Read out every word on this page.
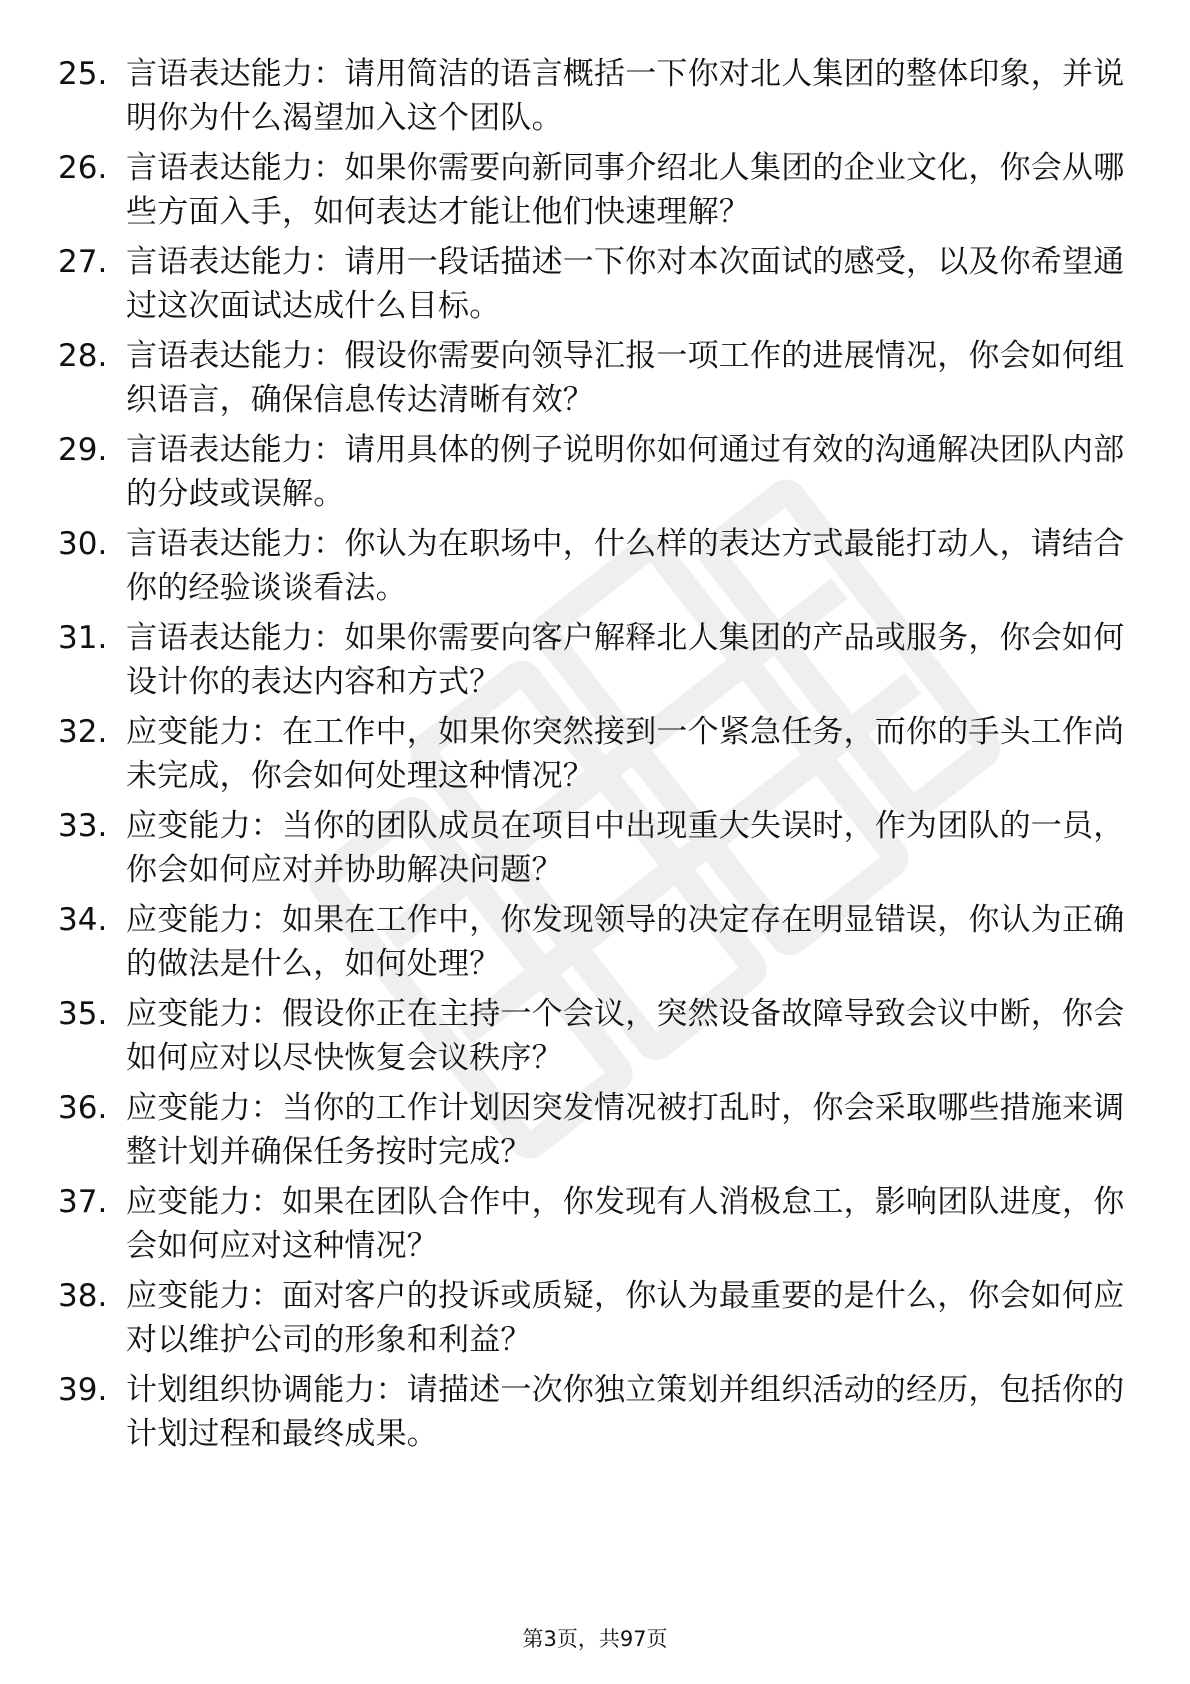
25. 言语表达能力：请用简洁的语言概括一下你对北人集团的整体印象，并说明你为什么渴望加入这个团队。
26. 言语表达能力：如果你需要向新同事介绍北人集团的企业文化，你会从哪些方面入手，如何表达才能让他们快速理解？
27. 言语表达能力：请用一段话描述一下你对本次面试的感受，以及你希望通过这次面试达成什么目标。
28. 言语表达能力：假设你需要向领导汇报一项工作的进展情况，你会如何组织语言，确保信息传达清晰有效？
29. 言语表达能力：请用具体的例子说明你如何通过有效的沟通解决团队内部的分歧或误解。
30. 言语表达能力：你认为在职场中，什么样的表达方式最能打动人，请结合你的经验谈谈看法。
31. 言语表达能力：如果你需要向客户解释北人集团的产品或服务，你会如何设计你的表达内容和方式？
32. 应变能力：在工作中，如果你突然接到一个紧急任务，而你的手头工作尚未完成，你会如何处理这种情况？
33. 应变能力：当你的团队成员在项目中出现重大失误时，作为团队的一员，你会如何应对并协助解决问题？
34. 应变能力：如果在工作中，你发现领导的决定存在明显错误，你认为正确的做法是什么，如何处理？
35. 应变能力：假设你正在主持一个会议，突然设备故障导致会议中断，你会如何应对以尽快恢复会议秩序？
36. 应变能力：当你的工作计划因突发情况被打乱时，你会采取哪些措施来调整计划并确保任务按时完成？
37. 应变能力：如果在团队合作中，你发现有人消极怠工，影响团队进度，你会如何应对这种情况？
38. 应变能力：面对客户的投诉或质疑，你认为最重要的是什么，你会如何应对以维护公司的形象和利益？
39. 计划组织协调能力：请描述一次你独立策划并组织活动的经历，包括你的计划过程和最终成果。
第3页，共97页
